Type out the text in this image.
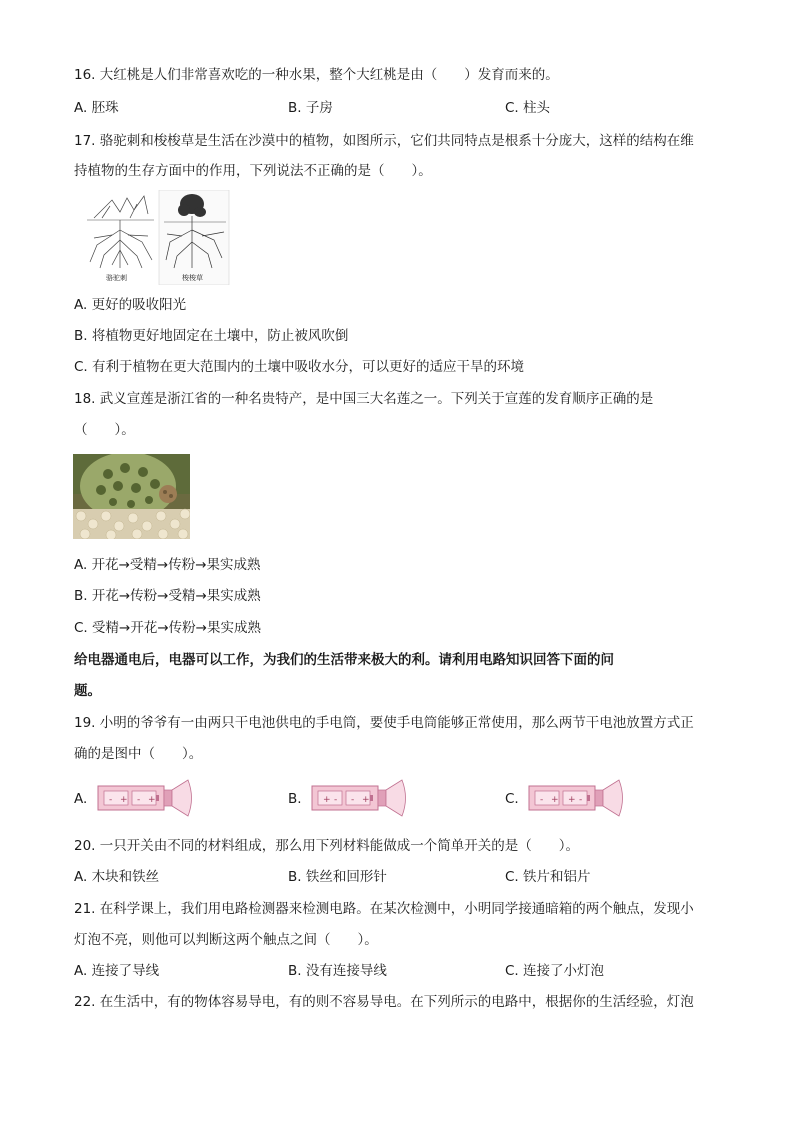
16. 大红桃是人们非常喜欢吃的一种水果，整个大红桃是由（　　）发育而来的。
A. 胚珠	B. 子房	C. 柱头
17. 骆驼刺和梭梭草是生活在沙漠中的植物，如图所示，它们共同特点是根系十分庞大，这样的结构在维
持植物的生存方面中的作用，下列说法不正确的是（　　）。
骆驼刺	梭梭草
A. 更好的吸收阳光
B. 将植物更好地固定在土壤中，防止被风吹倒
C. 有利于植物在更大范围内的土壤中吸收水分，可以更好的适应干旱的环境
18. 武义宣莲是浙江省的一种名贵特产，是中国三大名莲之一。下列关于宣莲的发育顺序正确的是
（　　）。
A. 开花→受精→传粉→果实成熟
B. 开花→传粉→受精→果实成熟
C. 受精→开花→传粉→果实成熟
给电器通电后，电器可以工作，为我们的生活带来极大的利。请利用电路知识回答下面的问
题。
19. 小明的爷爷有一由两只干电池供电的手电筒，要使手电筒能够正常使用，那么两节干电池放置方式正
确的是图中（　　）。
A.	B.	C.
- + - +	+ - - +	- + + -
20. 一只开关由不同的材料组成，那么用下列材料能做成一个简单开关的是（　　）。
A. 木块和铁丝	B. 铁丝和回形针	C. 铁片和铝片
21. 在科学课上，我们用电路检测器来检测电路。在某次检测中，小明同学接通暗箱的两个触点，发现小
灯泡不亮，则他可以判断这两个触点之间（　　）。
A. 连接了导线	B. 没有连接导线	C. 连接了小灯泡
22. 在生活中，有的物体容易导电，有的则不容易导电。在下列所示的电路中，根据你的生活经验，灯泡
